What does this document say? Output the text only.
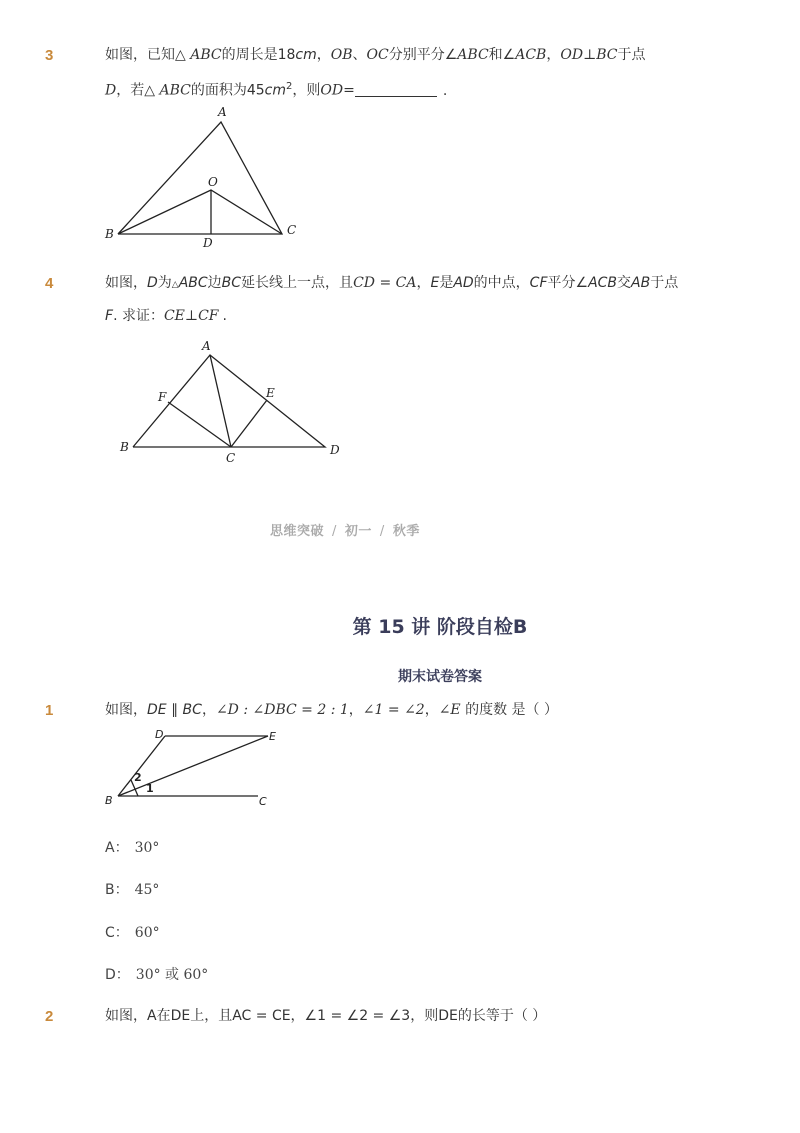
3	如图，已知△ ABC的周长是18cm，OB、OC分别平分∠ABC和∠ACB，OD⊥BC于点
D，若△ ABC的面积为$45cm^2$，则OD=	.
A
O
B
D
C
4	如图，D为△ABC边BC延长线上一点，且CD = CA，E是AD的中点，CF平分∠ACB交AB于点
F. 求证：CE⊥CF .
A
F	E
B
C
D
思维突破 / 初一 / 秋季
第 15 讲 阶段自检B
期末试卷答案
1	如图，DE ∥ BC，∠D : ∠DBC = 2 : 1，∠1 = ∠2，∠E 的度数 是（ ）
D	E
B	C
1
2
A： 30°
B： 45°
C： 60°
D： 30° 或 60°
2	如图，A在DE上，且AC = CE，∠1 = ∠2 = ∠3，则DE的长等于（ ）
